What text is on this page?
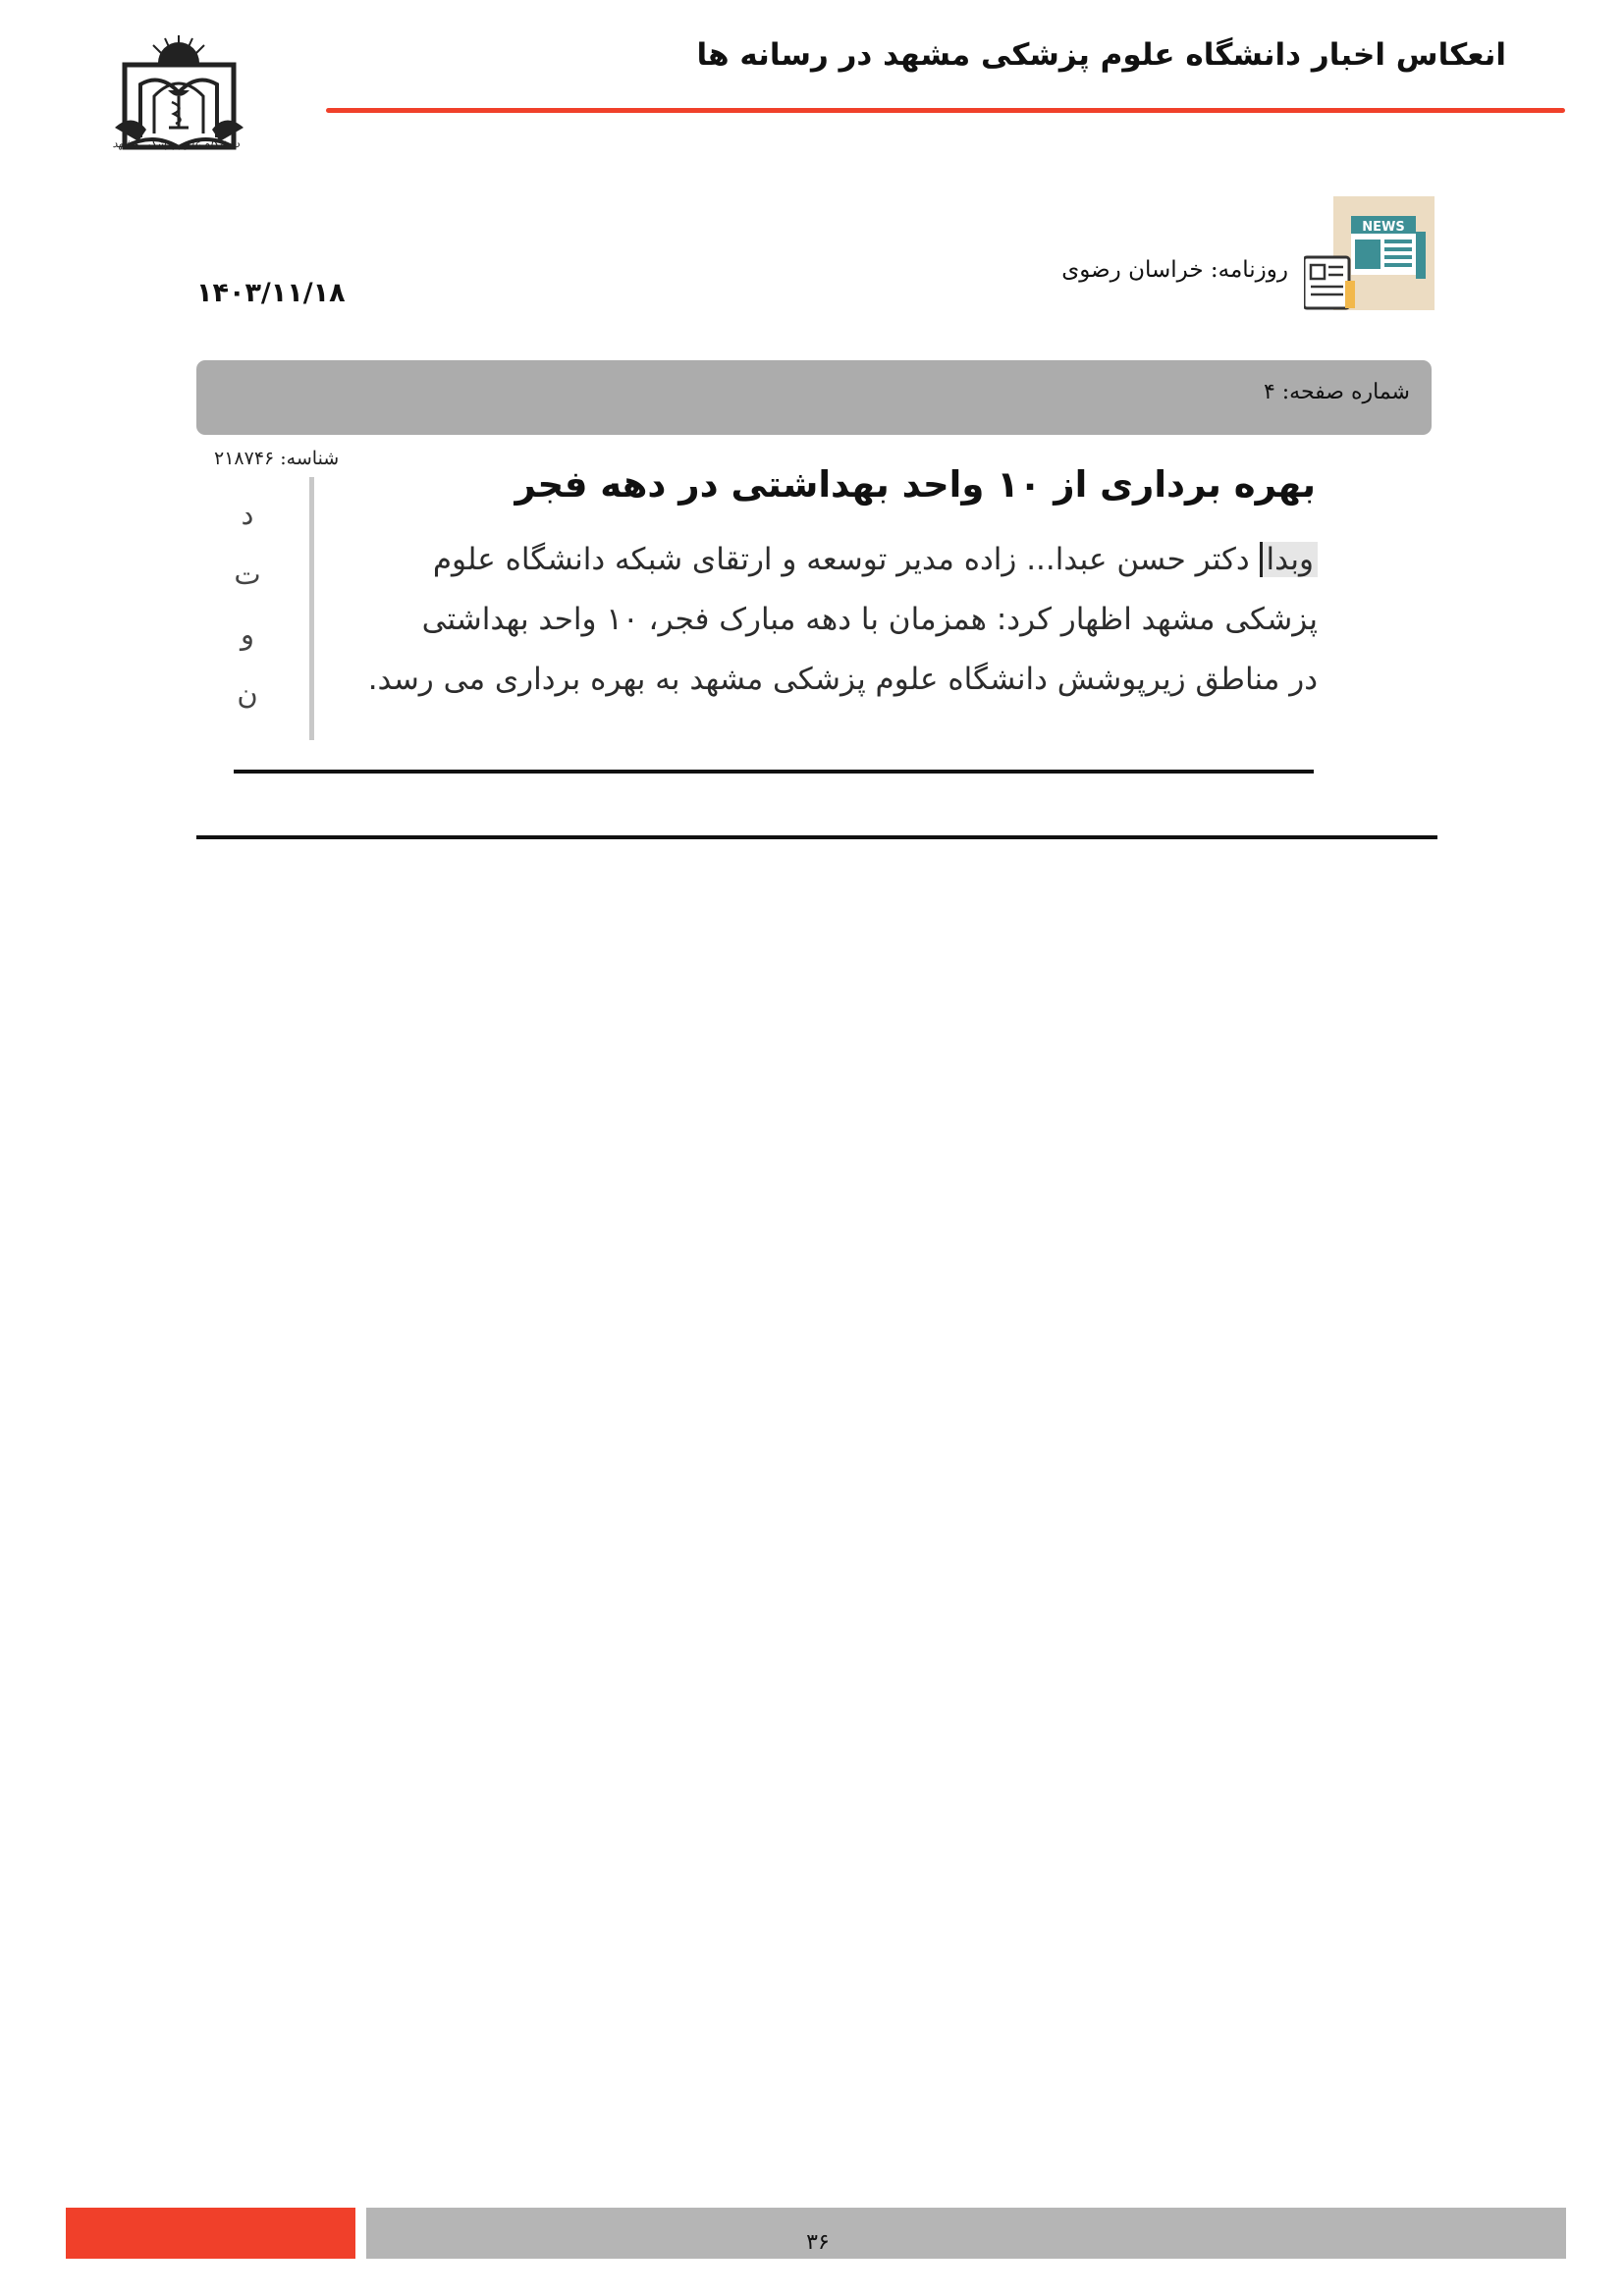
انعکاس اخبار دانشگاه علوم پزشکی مشهد در رسانه ها
دانشگاه علوم پزشکی مشهد
NEWS
روزنامه: خراسان رضوی
۱۴۰۳/۱۱/۱۸
شماره صفحه: ۴
شناسه: ۲۱۸۷۴۶
د
ت
و
ن
بهره برداری از ۱۰ واحد بهداشتی در دهه فجر
وبدا دکتر حسن عبدا... زاده مدیر توسعه و ارتقای شبکه دانشگاه علوم
پزشکی مشهد اظهار کرد: همزمان با دهه مبارک فجر، ۱۰ واحد بهداشتی
در مناطق زیرپوشش دانشگاه علوم پزشکی مشهد به بهره برداری می رسد.
۳۶
